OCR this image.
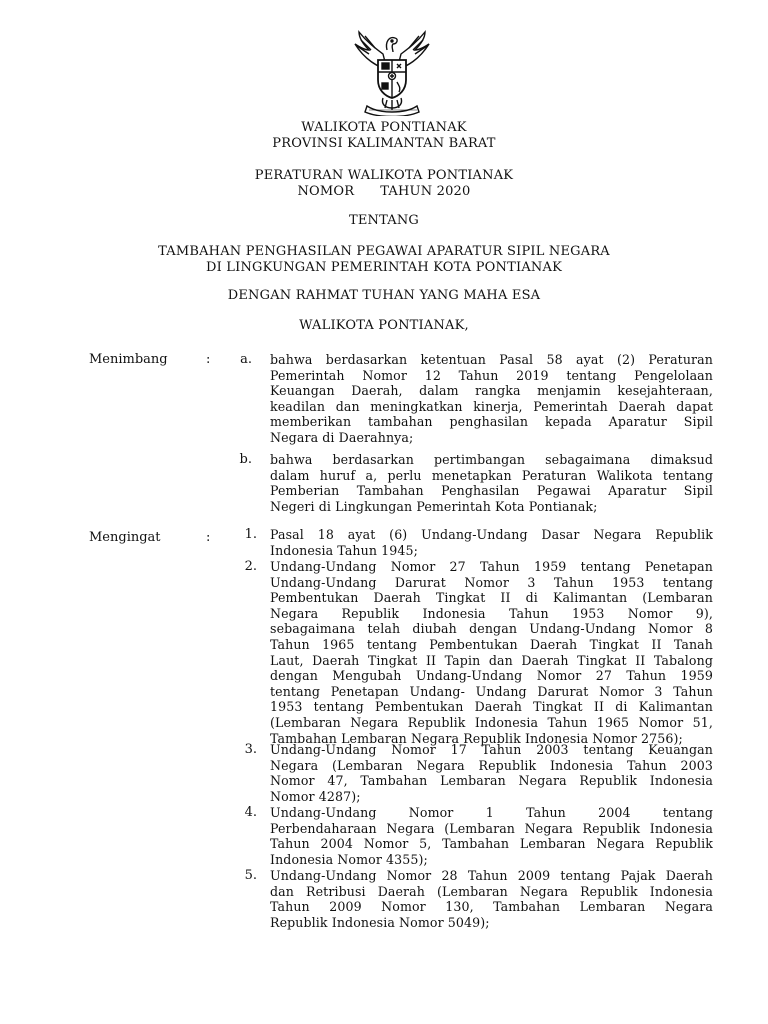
WALIKOTA PONTIANAK
PROVINSI KALIMANTAN BARAT
PERATURAN WALIKOTA PONTIANAK
NOMOR      TAHUN 2020
TENTANG
TAMBAHAN PENGHASILAN PEGAWAI APARATUR SIPIL NEGARA
DI LINGKUNGAN PEMERINTAH KOTA PONTIANAK
DENGAN RAHMAT TUHAN YANG MAHA ESA
WALIKOTA PONTIANAK,
Menimbang	:	a. bahwa berdasarkan ketentuan Pasal 58 ayat (2) Peraturan
Pemerintah Nomor 12 Tahun 2019 tentang Pengelolaan
Keuangan Daerah, dalam rangka menjamin kesejahteraan,
keadilan dan meningkatkan kinerja, Pemerintah Daerah dapat
memberikan tambahan penghasilan kepada Aparatur Sipil
Negara di Daerahnya;
b. bahwa berdasarkan pertimbangan sebagaimana dimaksud
dalam huruf a, perlu menetapkan Peraturan Walikota tentang
Pemberian Tambahan Penghasilan Pegawai Aparatur Sipil
Negeri di Lingkungan Pemerintah Kota Pontianak;
Mengingat	:	1. Pasal 18 ayat (6) Undang-Undang Dasar Negara Republik
Indonesia Tahun 1945;
2. Undang-Undang Nomor 27 Tahun 1959 tentang Penetapan
Undang-Undang Darurat Nomor 3 Tahun 1953 tentang
Pembentukan Daerah Tingkat II di Kalimantan (Lembaran
Negara Republik Indonesia Tahun 1953 Nomor 9),
sebagaimana telah diubah dengan Undang-Undang Nomor 8
Tahun 1965 tentang Pembentukan Daerah Tingkat II Tanah
Laut, Daerah Tingkat II Tapin dan Daerah Tingkat II Tabalong
dengan Mengubah Undang-Undang Nomor 27 Tahun 1959
tentang Penetapan Undang- Undang Darurat Nomor 3 Tahun
1953 tentang Pembentukan Daerah Tingkat II di Kalimantan
(Lembaran Negara Republik Indonesia Tahun 1965 Nomor 51,
Tambahan Lembaran Negara Republik Indonesia Nomor 2756);
3. Undang-Undang Nomor 17 Tahun 2003 tentang Keuangan
Negara (Lembaran Negara Republik Indonesia Tahun 2003
Nomor 47, Tambahan Lembaran Negara Republik Indonesia
Nomor 4287);
4. Undang-Undang Nomor 1 Tahun 2004 tentang
Perbendaharaan Negara (Lembaran Negara Republik Indonesia
Tahun 2004 Nomor 5, Tambahan Lembaran Negara Republik
Indonesia Nomor 4355);
5. Undang-Undang Nomor 28 Tahun 2009 tentang Pajak Daerah
dan Retribusi Daerah (Lembaran Negara Republik Indonesia
Tahun 2009 Nomor 130, Tambahan Lembaran Negara
Republik Indonesia Nomor 5049);
